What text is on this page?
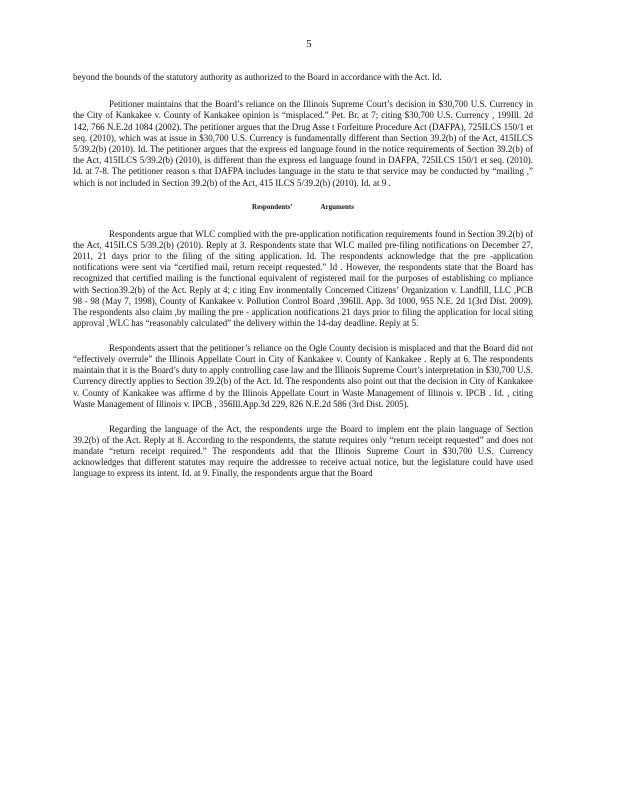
5

beyond the bounds of the statutory authority as authorized to the Board in accordance with the Act. Id.

Petitioner maintains that the Board’s reliance on the Illinois Supreme Court’s decision in $30,700 U.S. Currency in the City of Kankakee v. County of Kankakee opinion is “misplaced.” Pet. Br. at 7; citing $30,700 U.S. Currency , 199Ill. 2d 142, 766 N.E.2d 1084 (2002). The petitioner argues that the Drug Asse t Forfeiture Procedure Act (DAFPA), 725ILCS 150/1 et seq. (2010), which was at issue in $30,700 U.S. Currency is fundamentally different than Section 39.2(b) of the Act, 415ILCS 5/39.2(b) (2010). Id. The petitioner argues that the express ed language found in the notice requirements of Section 39.2(b) of the Act, 415ILCS 5/39.2(b) (2010), is different than the express ed language found in DAFPA, 725ILCS 150/1 et seq. (2010). Id. at 7-8. The petitioner reason s that DAFPA includes language in the statu te that service may be conducted by “mailing ,” which is not included in Section 39.2(b) of the Act, 415 ILCS 5/39.2(b) (2010). Id. at 9 .

Respondents’	Arguments

Respondents argue that WLC complied with the pre-application notification requirements found in Section 39.2(b) of the Act, 415ILCS 5/39.2(b) (2010). Reply at 3. Respondents state that WLC mailed pre-filing notifications on December 27, 2011, 21 days prior to the filing of the siting application. Id. The respondents acknowledge that the pre -application notifications were sent via “certified mail, return receipt requested.” Id . However, the respondents state that the Board has recognized that certified mailing is the functional equivalent of registered mail for the purposes of establishing co mpliance with Section39.2(b) of the Act. Reply at 4; c iting Env ironmentally Concerned Citizens’ Organization v. Landfill, LLC ,PCB 98 - 98 (May 7, 1998), County of Kankakee v. Pollution Control Board ,396Ill. App. 3d 1000, 955 N.E. 2d 1(3rd Dist. 2009). The respondents also claim ,by mailing the pre - application notifications 21 days prior to filing the application for local siting approval ,WLC has “reasonably calculated” the delivery within the 14-day deadline. Reply at 5.

Respondents assert that the petitioner’s reliance on the Ogle County decision is misplaced and that the Board did not “effectively overrule” the Illinois Appellate Court in City of Kankakee v. County of Kankakee . Reply at 6. The respondents maintain that it is the Board’s duty to apply controlling case law and the Illinois Supreme Court’s interpretation in $30,700 U.S. Currency directly applies to Section 39.2(b) of the Act. Id. The respondents also point out that the decision in City of Kankakee v. County of Kankakee was affirme d by the Illinois Appellate Court in Waste Management of Illinois v. IPCB . Id. , citing Waste Management of Illinois v. IPCB , 356Ill.App.3d 229, 826 N.E.2d 586 (3rd Dist. 2005).

Regarding the language of the Act, the respondents urge the Board to implem ent the plain language of Section 39.2(b) of the Act. Reply at 8. According to the respondents, the statute requires only “return receipt requested” and does not mandate “return receipt required.” The respondents add that the Illinois Supreme Court in $30,700 U.S. Currency acknowledges that different statutes may require the addressee to receive actual notice, but the legislature could have used language to express its intent. Id. at 9. Finally, the respondents argue that the Board
